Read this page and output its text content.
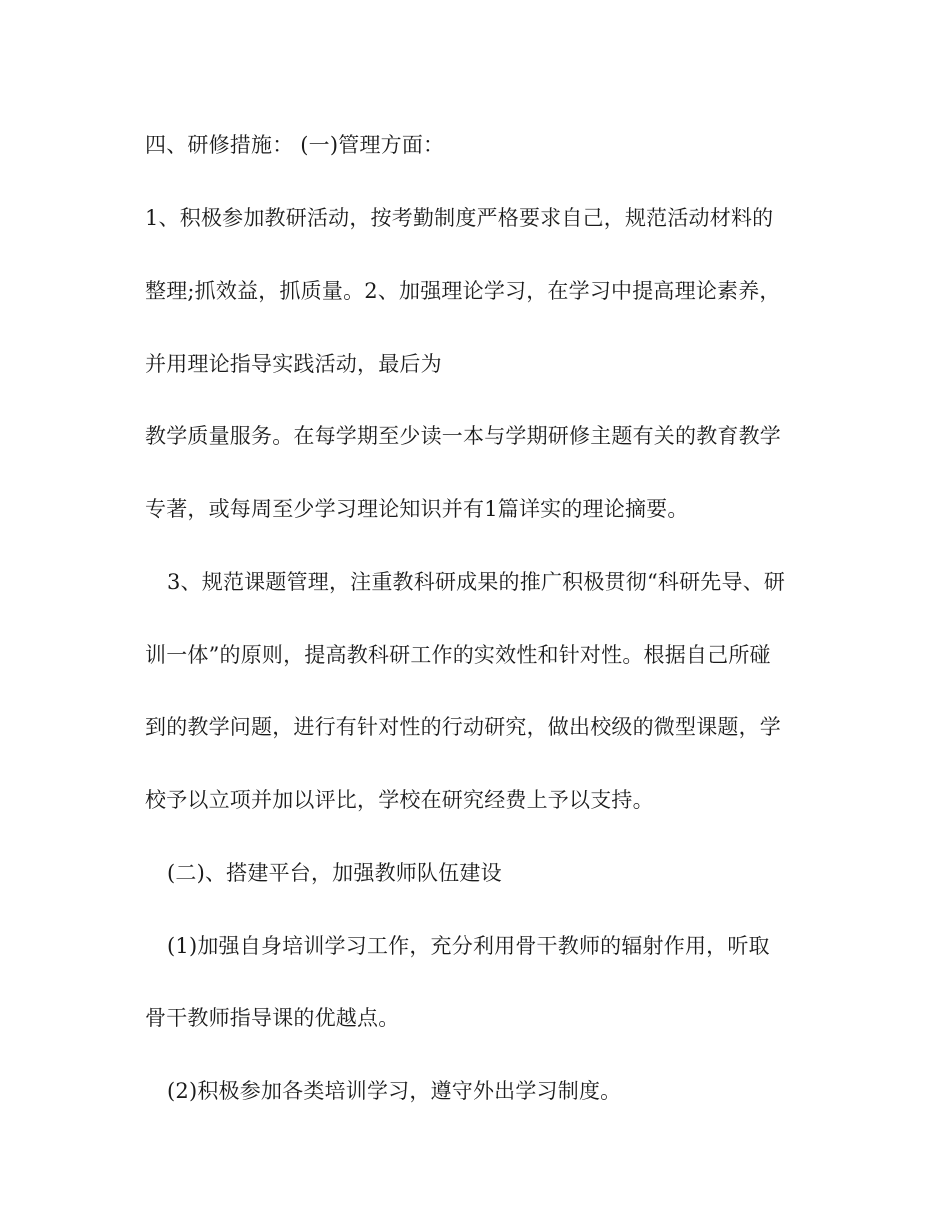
四、研修措施： (一)管理方面：
1、积极参加教研活动，按考勤制度严格要求自己，规范活动材料的
整理;抓效益，抓质量。2、加强理论学习，在学习中提高理论素养，
并用理论指导实践活动，最后为
教学质量服务。在每学期至少读一本与学期研修主题有关的教育教学
专著，或每周至少学习理论知识并有1篇详实的理论摘要。
3、规范课题管理，注重教科研成果的推广积极贯彻“科研先导、研
训一体”的原则，提高教科研工作的实效性和针对性。根据自己所碰
到的教学问题，进行有针对性的行动研究，做出校级的微型课题，学
校予以立项并加以评比，学校在研究经费上予以支持。
(二)、搭建平台，加强教师队伍建设
(1)加强自身培训学习工作，充分利用骨干教师的辐射作用，听取
骨干教师指导课的优越点。
(2)积极参加各类培训学习，遵守外出学习制度。
